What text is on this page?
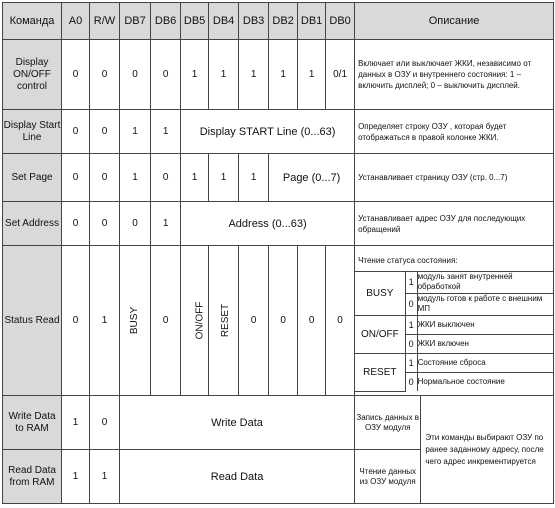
Команда	A0	R/W	DB7	DB6	DB5	DB4	DB3	DB2	DB1	DB0	Описание
Display ON/OFF control	0	0	0	0	1	1	1	1	1	0/1	Включает или выключает ЖКИ, независимо от данных в ОЗУ и внутреннего состояния: 1 – включить дисплей; 0 – выключить дисплей.
Display Start Line	0	0	1	1	Display START Line (0...63)	Определяет строку ОЗУ , которая будет отображаться в правой колонке ЖКИ.
Set Page	0	0	1	0	1	1	1	Page (0...7)	Устанавливает страницу ОЗУ (стр. 0...7)
Set Address	0	0	0	1	Address (0...63)	Устанавливает адрес ОЗУ для последующих обращений
Status Read	0	1	BUSY	0	ON/OFF	RESET	0	0	0	0	
Чтение статуса состояния:
BUSY	1	модуль занят внутренней обработкой
0	модуль готов к работе с внешним МП
ON/OFF	1	ЖКИ выключен
0	ЖКИ включен
RESET	1	Состояние сброса
0	Нормальное состояние

Write Data to RAM	1	0	Write Data	Запись данных в ОЗУ модуля	Эти команды выбирают ОЗУ по ранее заданному адресу, после чего адрес инкрементируется
Read Data from RAM	1	1	Read Data	Чтение данных из ОЗУ модуля
